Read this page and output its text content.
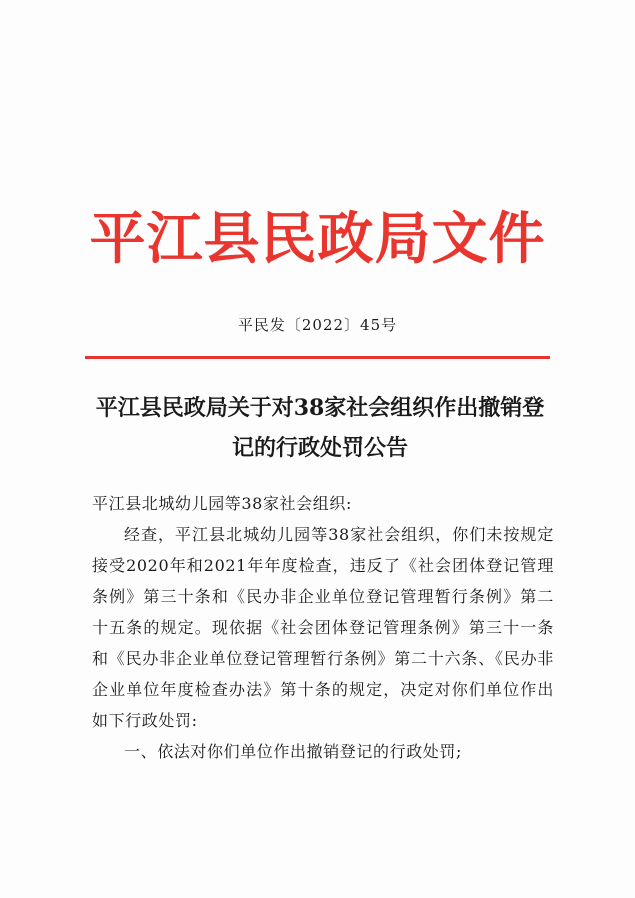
平江县民政局文件
平民发〔2022〕45号
平江县民政局关于对38家社会组织作出撤销登记的行政处罚公告

平江县北城幼儿园等38家社会组织:

经查，平江县北城幼儿园等38家社会组织，你们未按规定接受2020年和2021年年度检查，违反了《社会团体登记管理条例》第三十条和《民办非企业单位登记管理暂行条例》第二十五条的规定。现依据《社会团体登记管理条例》第三十一条和《民办非企业单位登记管理暂行条例》第二十六条、《民办非企业单位年度检查办法》第十条的规定，决定对你们单位作出如下行政处罚:

一、依法对你们单位作出撤销登记的行政处罚;
